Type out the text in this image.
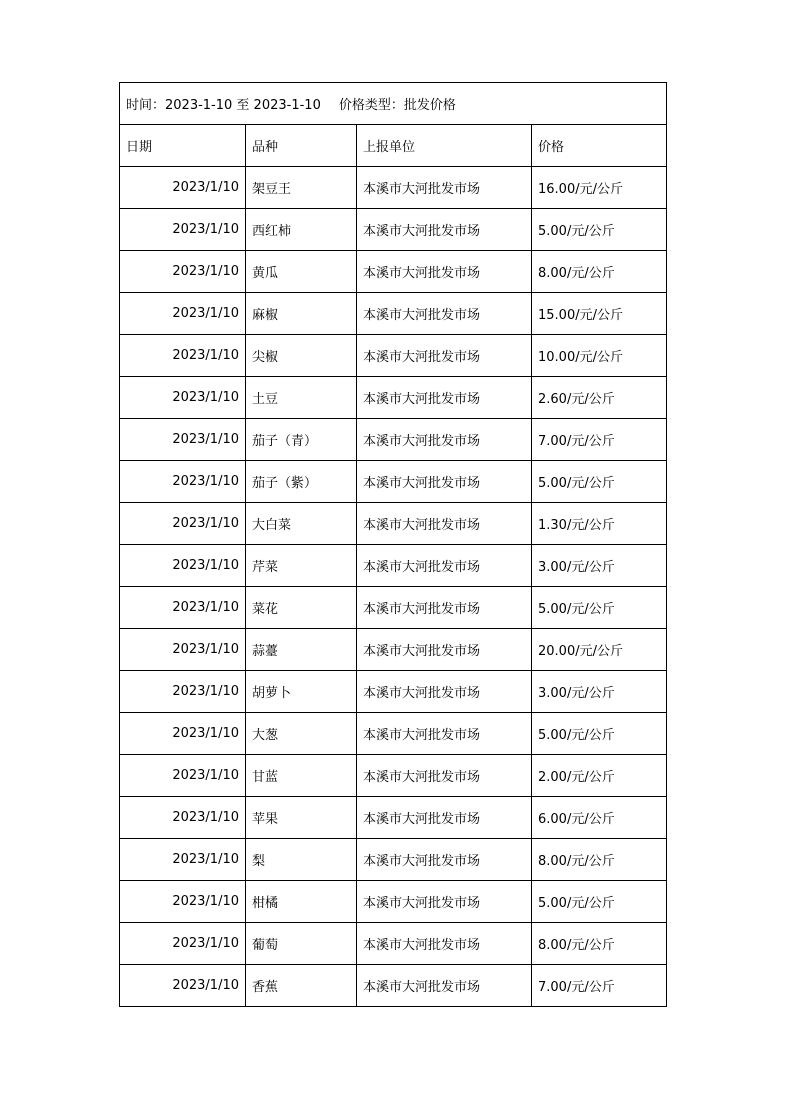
时间：2023-1-10 至 2023-1-10 价格类型：批发价格			
日期	品种	上报单位	价格
2023/1/10	架豆王	本溪市大河批发市场	16.00/元/公斤
2023/1/10	西红柿	本溪市大河批发市场	5.00/元/公斤
2023/1/10	黄瓜	本溪市大河批发市场	8.00/元/公斤
2023/1/10	麻椒	本溪市大河批发市场	15.00/元/公斤
2023/1/10	尖椒	本溪市大河批发市场	10.00/元/公斤
2023/1/10	土豆	本溪市大河批发市场	2.60/元/公斤
2023/1/10	茄子（青）	本溪市大河批发市场	7.00/元/公斤
2023/1/10	茄子（紫）	本溪市大河批发市场	5.00/元/公斤
2023/1/10	大白菜	本溪市大河批发市场	1.30/元/公斤
2023/1/10	芹菜	本溪市大河批发市场	3.00/元/公斤
2023/1/10	菜花	本溪市大河批发市场	5.00/元/公斤
2023/1/10	蒜薹	本溪市大河批发市场	20.00/元/公斤
2023/1/10	胡萝卜	本溪市大河批发市场	3.00/元/公斤
2023/1/10	大葱	本溪市大河批发市场	5.00/元/公斤
2023/1/10	甘蓝	本溪市大河批发市场	2.00/元/公斤
2023/1/10	苹果	本溪市大河批发市场	6.00/元/公斤
2023/1/10	梨	本溪市大河批发市场	8.00/元/公斤
2023/1/10	柑橘	本溪市大河批发市场	5.00/元/公斤
2023/1/10	葡萄	本溪市大河批发市场	8.00/元/公斤
2023/1/10	香蕉	本溪市大河批发市场	7.00/元/公斤
